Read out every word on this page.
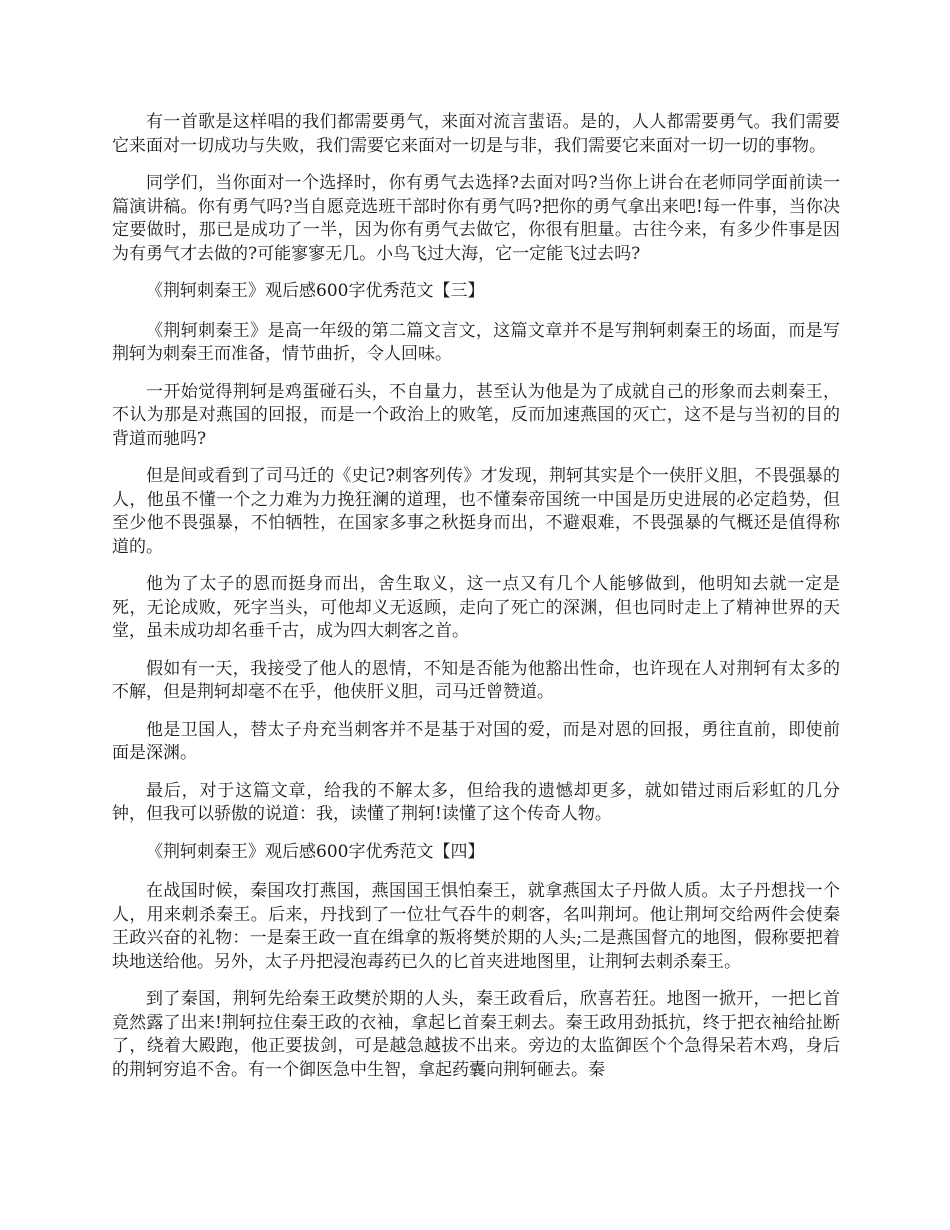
有一首歌是这样唱的我们都需要勇气，来面对流言蜚语。是的，人人都需要勇气。我们需要它来面对一切成功与失败，我们需要它来面对一切是与非，我们需要它来面对一切一切的事物。

同学们，当你面对一个选择时，你有勇气去选择?去面对吗?当你上讲台在老师同学面前读一篇演讲稿。你有勇气吗?当自愿竞选班干部时你有勇气吗?把你的勇气拿出来吧!每一件事，当你决定要做时，那已是成功了一半，因为你有勇气去做它，你很有胆量。古往今来，有多少件事是因为有勇气才去做的?可能寥寥无几。小鸟飞过大海，它一定能飞过去吗?

《荆轲刺秦王》观后感600字优秀范文【三】

《荆轲刺秦王》是高一年级的第二篇文言文，这篇文章并不是写荆轲刺秦王的场面，而是写荆轲为刺秦王而准备，情节曲折，令人回味。

一开始觉得荆轲是鸡蛋碰石头，不自量力，甚至认为他是为了成就自己的形象而去刺秦王，不认为那是对燕国的回报，而是一个政治上的败笔，反而加速燕国的灭亡，这不是与当初的目的背道而驰吗?

但是间或看到了司马迁的《史记?刺客列传》才发现，荆轲其实是个一侠肝义胆，不畏强暴的人，他虽不懂一个之力难为力挽狂澜的道理，也不懂秦帝国统一中国是历史进展的必定趋势，但至少他不畏强暴，不怕牺牲，在国家多事之秋挺身而出，不避艰难，不畏强暴的气概还是值得称道的。

他为了太子的恩而挺身而出，舍生取义，这一点又有几个人能够做到，他明知去就一定是死，无论成败，死字当头，可他却义无返顾，走向了死亡的深渊，但也同时走上了精神世界的天堂，虽未成功却名垂千古，成为四大刺客之首。

假如有一天，我接受了他人的恩情，不知是否能为他豁出性命，也许现在人对荆轲有太多的不解，但是荆轲却毫不在乎，他侠肝义胆，司马迁曾赞道。

他是卫国人，替太子舟充当刺客并不是基于对国的爱，而是对恩的回报，勇往直前，即使前面是深渊。

最后，对于这篇文章，给我的不解太多，但给我的遗憾却更多，就如错过雨后彩虹的几分钟，但我可以骄傲的说道：我，读懂了荆轲!读懂了这个传奇人物。

《荆轲刺秦王》观后感600字优秀范文【四】

在战国时候，秦国攻打燕国，燕国国王惧怕秦王，就拿燕国太子丹做人质。太子丹想找一个人，用来刺杀秦王。后来，丹找到了一位壮气吞牛的刺客，名叫荆坷。他让荆坷交给两件会使秦王政兴奋的礼物：一是秦王政一直在缉拿的叛将樊於期的人头;二是燕国督亢的地图，假称要把着块地送给他。另外，太子丹把浸泡毒药已久的匕首夹进地图里，让荆轲去刺杀秦王。

到了秦国，荆轲先给秦王政樊於期的人头，秦王政看后，欣喜若狂。地图一掀开，一把匕首竟然露了出来!荆轲拉住秦王政的衣袖，拿起匕首秦王刺去。秦王政用劲抵抗，终于把衣袖给扯断了，绕着大殿跑，他正要拔剑，可是越急越拔不出来。旁边的太监御医个个急得呆若木鸡，身后的荆轲穷追不舍。有一个御医急中生智，拿起药囊向荆轲砸去。秦
